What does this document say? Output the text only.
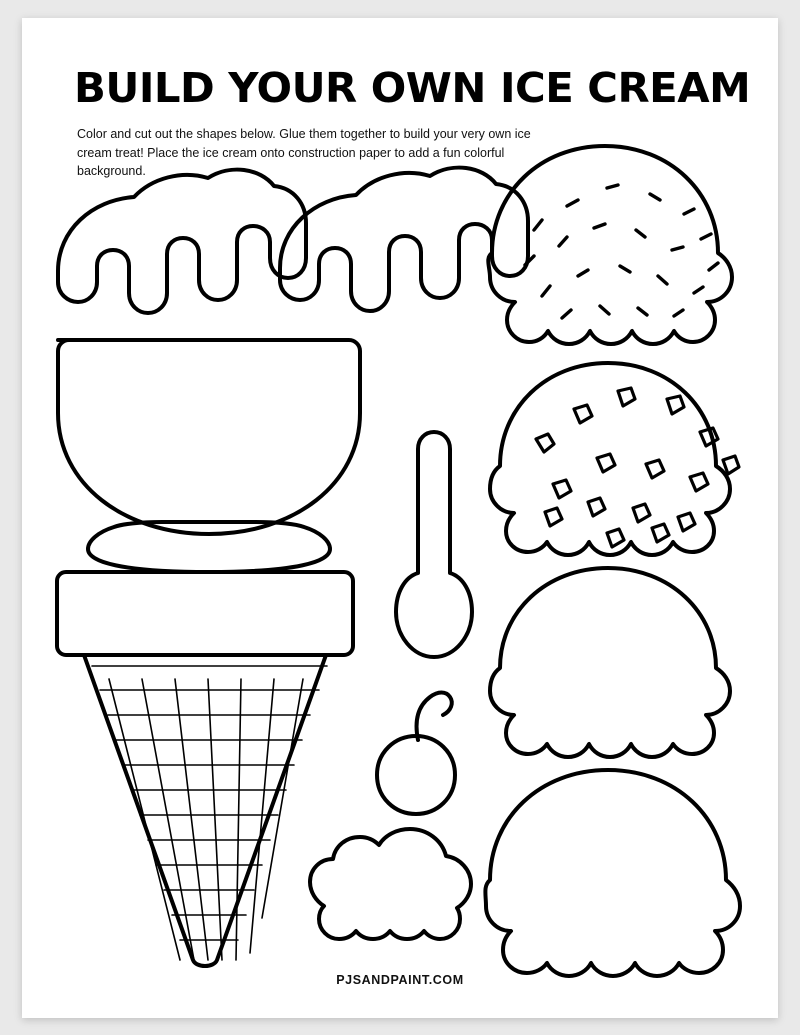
BUILD YOUR OWN ICE CREAM
Color and cut out the shapes below. Glue them together to build your very own ice cream treat! Place the ice cream onto construction paper to add a fun colorful background.
PJSANDPAINT.COM
